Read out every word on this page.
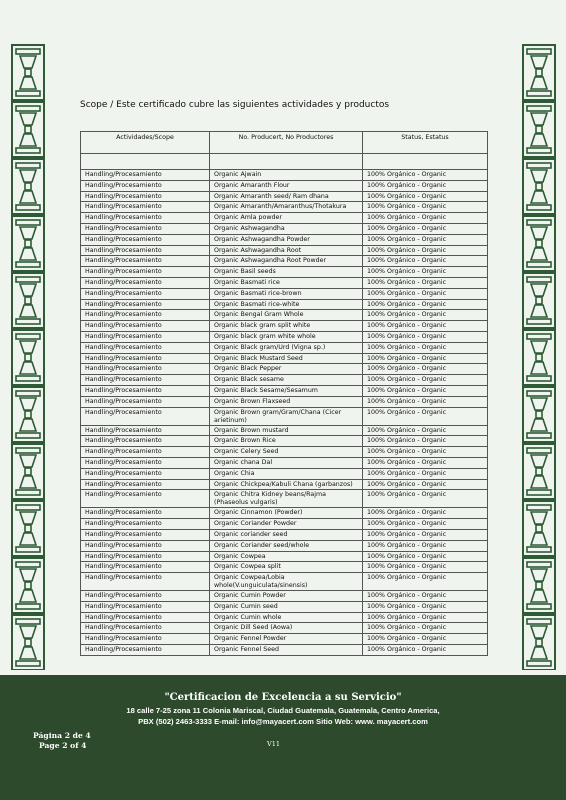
Scope / Este certificado cubre las siguientes actividades y productos
Actividades/Scope	No. Producert, No Productores	Status, Estatus

Handling/Procesamiento	Organic Ajwain	100% Orgánico - Organic
Handling/Procesamiento	Organic Amaranth Flour	100% Orgánico - Organic
Handling/Procesamiento	Organic Amaranth seed/ Ram dhana	100% Orgánico - Organic
Handling/Procesamiento	Organic Amaranth/Amaranthus/Thotakura	100% Orgánico - Organic
Handling/Procesamiento	Organic Amla powder	100% Orgánico - Organic
Handling/Procesamiento	Organic Ashwagandha	100% Orgánico - Organic
Handling/Procesamiento	Organic Ashwagandha Powder	100% Orgánico - Organic
Handling/Procesamiento	Organic Ashwagandha Root	100% Orgánico - Organic
Handling/Procesamiento	Organic Ashwagandha Root Powder	100% Orgánico - Organic
Handling/Procesamiento	Organic Basil seeds	100% Orgánico - Organic
Handling/Procesamiento	Organic Basmati rice	100% Orgánico - Organic
Handling/Procesamiento	Organic Basmati rice-brown	100% Orgánico - Organic
Handling/Procesamiento	Organic Basmati rice-white	100% Orgánico - Organic
Handling/Procesamiento	Organic Bengal Gram Whole	100% Orgánico - Organic
Handling/Procesamiento	Organic black gram split white	100% Orgánico - Organic
Handling/Procesamiento	Organic black gram white whole	100% Orgánico - Organic
Handling/Procesamiento	Organic Black gram/Urd (Vigna sp.)	100% Orgánico - Organic
Handling/Procesamiento	Organic Black Mustard Seed	100% Orgánico - Organic
Handling/Procesamiento	Organic Black Pepper	100% Orgánico - Organic
Handling/Procesamiento	Organic Black sesame	100% Orgánico - Organic
Handling/Procesamiento	Organic Black Sesame/Sesamum	100% Orgánico - Organic
Handling/Procesamiento	Organic Brown Flaxseed	100% Orgánico - Organic
Handling/Procesamiento	Organic Brown gram/Gram/Chana (Cicer arietinum)	100% Orgánico - Organic
Handling/Procesamiento	Organic Brown mustard	100% Orgánico - Organic
Handling/Procesamiento	Organic Brown Rice	100% Orgánico - Organic
Handling/Procesamiento	Organic Celery Seed	100% Orgánico - Organic
Handling/Procesamiento	Organic chana Dal	100% Orgánico - Organic
Handling/Procesamiento	Organic Chia	100% Orgánico - Organic
Handling/Procesamiento	Organic Chickpea/Kabuli Chana (garbanzos)	100% Orgánico - Organic
Handling/Procesamiento	Organic Chitra Kidney beans/Rajma (Phaseolus vulgaris)	100% Orgánico - Organic
Handling/Procesamiento	Organic Cinnamon (Powder)	100% Orgánico - Organic
Handling/Procesamiento	Organic Coriander Powder	100% Orgánico - Organic
Handling/Procesamiento	Organic coriander seed	100% Orgánico - Organic
Handling/Procesamiento	Organic Coriander seed/whole	100% Orgánico - Organic
Handling/Procesamiento	Organic Cowpea	100% Orgánico - Organic
Handling/Procesamiento	Organic Cowpea split	100% Orgánico - Organic
Handling/Procesamiento	Organic Cowpea/Lobia whole(V.unguiculata/sinensis)	100% Orgánico - Organic
Handling/Procesamiento	Organic Cumin Powder	100% Orgánico - Organic
Handling/Procesamiento	Organic Cumin seed	100% Orgánico - Organic
Handling/Procesamiento	Organic Cumin whole	100% Orgánico - Organic
Handling/Procesamiento	Organic Dill Seed (Aowa)	100% Orgánico - Organic
Handling/Procesamiento	Organic Fennel Powder	100% Orgánico - Organic
Handling/Procesamiento	Organic Fennel Seed	100% Orgánico - Organic
"Certificacion de Excelencia a su Servicio"
18 calle 7-25 zona 11 Colonia Mariscal, Ciudad Guatemala, Guatemala, Centro America,
PBX (502) 2463-3333 E-mail: info@mayacert.com Sitio Web: www. mayacert.com
Página 2 de 4
Page 2 of 4	V11
